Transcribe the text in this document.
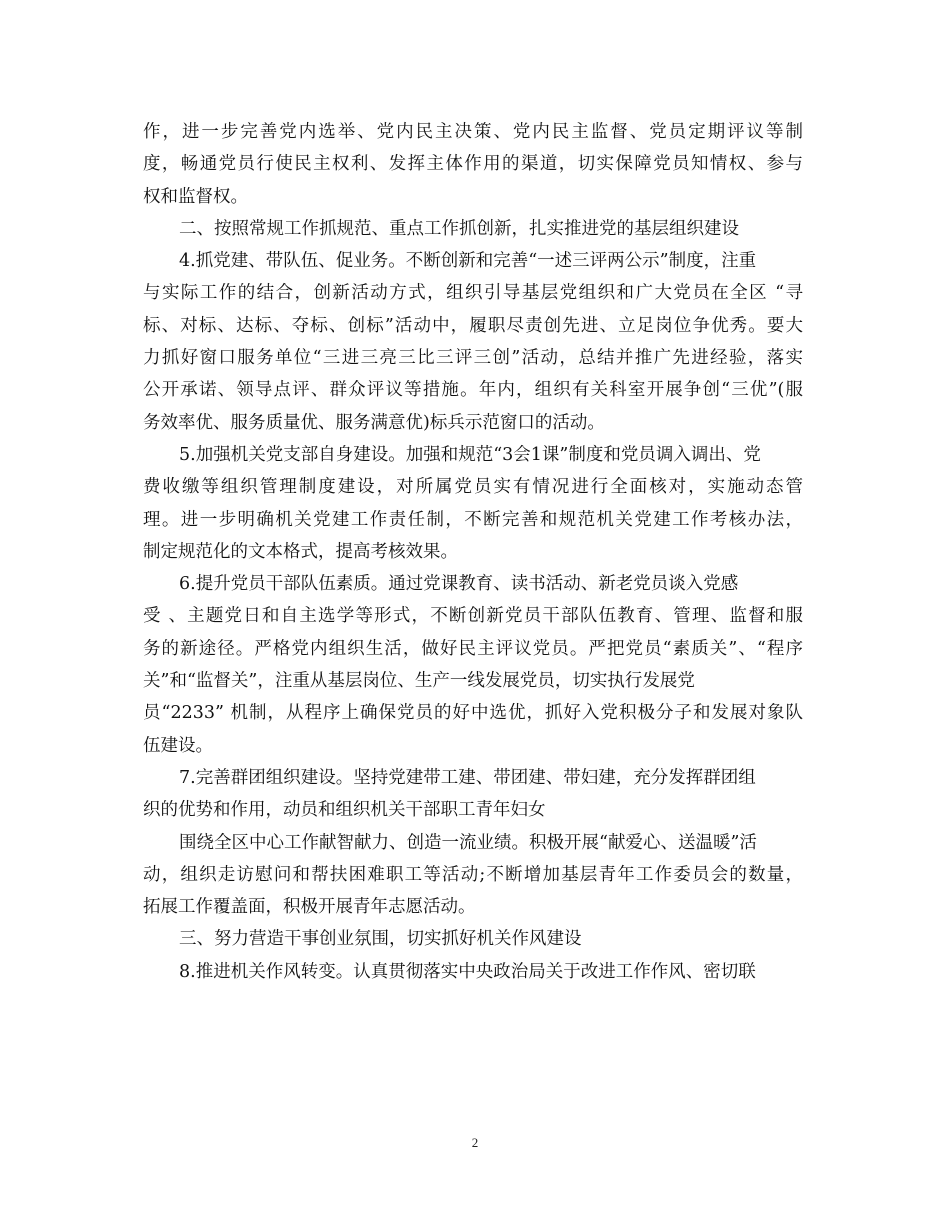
作，进一步完善党内选举、党内民主决策、党内民主监督、党员定期评议等制
度，畅通党员行使民主权利、发挥主体作用的渠道，切实保障党员知情权、参与
权和监督权。
二、按照常规工作抓规范、重点工作抓创新，扎实推进党的基层组织建设
4.抓党建、带队伍、促业务。不断创新和完善“一述三评两公示”制度，注重
与实际工作的结合，创新活动方式，组织引导基层党组织和广大党员在全区 “寻
标、对标、达标、夺标、创标”活动中，履职尽责创先进、立足岗位争优秀。要大
力抓好窗口服务单位“三进三亮三比三评三创”活动，总结并推广先进经验，落实
公开承诺、领导点评、群众评议等措施。年内，组织有关科室开展争创“三优”(服
务效率优、服务质量优、服务满意优)标兵示范窗口的活动。
5.加强机关党支部自身建设。加强和规范“3会1课”制度和党员调入调出、党
费收缴等组织管理制度建设，对所属党员实有情况进行全面核对，实施动态管
理。进一步明确机关党建工作责任制，不断完善和规范机关党建工作考核办法，
制定规范化的文本格式，提高考核效果。
6.提升党员干部队伍素质。通过党课教育、读书活动、新老党员谈入党感
受 、主题党日和自主选学等形式，不断创新党员干部队伍教育、管理、监督和服
务的新途径。严格党内组织生活，做好民主评议党员。严把党员“素质关”、“程序
关”和“监督关”，注重从基层岗位、生产一线发展党员，切实执行发展党
员“2233” 机制，从程序上确保党员的好中选优，抓好入党积极分子和发展对象队
伍建设。
7.完善群团组织建设。坚持党建带工建、带团建、带妇建，充分发挥群团组
织的优势和作用，动员和组织机关干部职工青年妇女
围绕全区中心工作献智献力、创造一流业绩。积极开展“献爱心、送温暖”活
动，组织走访慰问和帮扶困难职工等活动;不断增加基层青年工作委员会的数量，
拓展工作覆盖面，积极开展青年志愿活动。
三、努力营造干事创业氛围，切实抓好机关作风建设
8.推进机关作风转变。认真贯彻落实中央政治局关于改进工作作风、密切联
2
